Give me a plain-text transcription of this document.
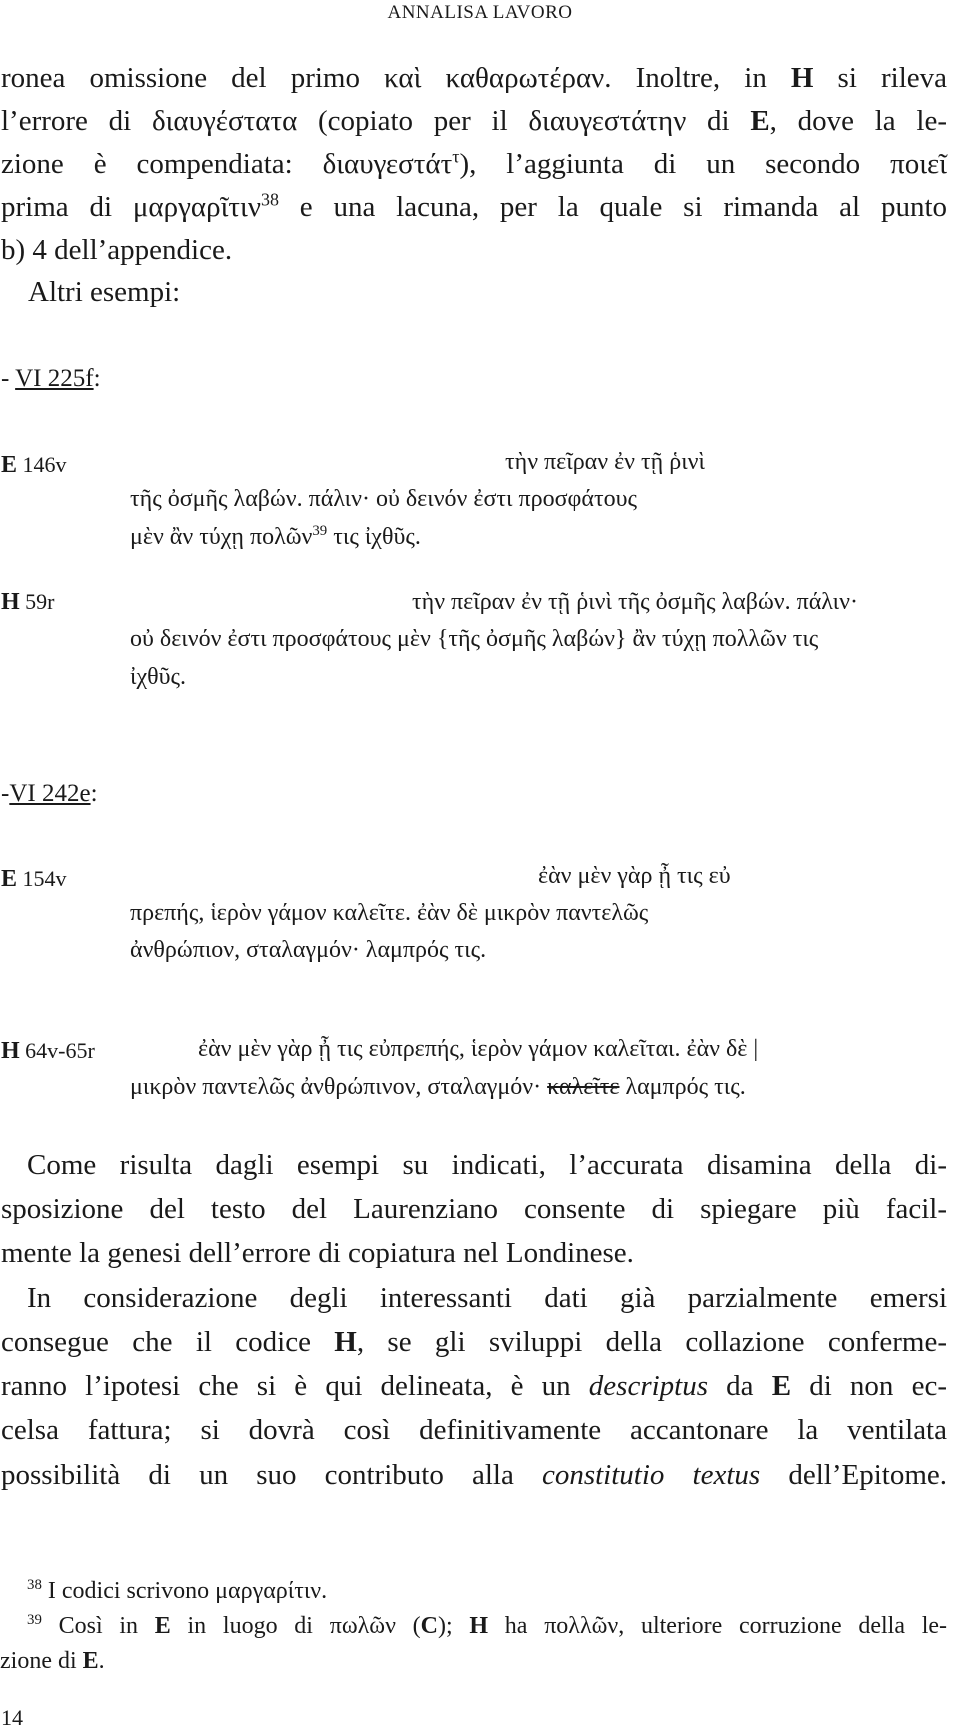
ANNALISA LAVORO
ronea omissione del primo καὶ καθαρωτέραν. Inoltre, in H si rileva
l’errore di διαυγέστατα (copiato per il διαυγεστάτην di E, dove la le-
zione è compendiata: διαυγεστάτ$^\tau$), l’aggiunta di un secondo ποιεῖ
prima di μαργαρῖτιν$^{38}$ e una lacuna, per la quale si rimanda al punto
b) 4 dell’appendice.
Altri esempi:
- VI 225f:
E 146v	τὴν πεῖραν ἐν τῇ ῥινὶ
τῆς ὀσμῆς λαβών. πάλιν· οὐ δεινόν ἐστι προσφάτους
μὲν ἂν τύχῃ πολῶν$^{39}$ τις ἰχθῦς.
H 59r	τὴν πεῖραν ἐν τῇ ῥινὶ τῆς ὀσμῆς λαβών. πάλιν·
οὐ δεινόν ἐστι προσφάτους μὲν {τῆς ὀσμῆς λαβών} ἂν τύχῃ πολλῶν τις
ἰχθῦς.
-VI 242e:
E 154v	ἐὰν μὲν γὰρ ᾖ τις εὐ
πρεπής, ἱερὸν γάμον καλεῖτε. ἐὰν δὲ μικρὸν παντελῶς
ἀνθρώπιον, σταλαγμόν· λαμπρός τις.
H 64v-65r	ἐὰν μὲν γὰρ ᾖ τις εὐπρεπής, ἱερὸν γάμον καλεῖται. ἐὰν δὲ |
μικρὸν παντελῶς ἀνθρώπινον, σταλαγμόν· καλεῖτε λαμπρός τις.
Come risulta dagli esempi su indicati, l’accurata disamina della di-
sposizione del testo del Laurenziano consente di spiegare più facil-
mente la genesi dell’errore di copiatura nel Londinese.
In considerazione degli interessanti dati già parzialmente emersi
consegue che il codice H, se gli sviluppi della collazione confermе-
ranno l’ipotesi che si è qui delineata, è un descriptus da E di non ec-
celsa fattura; si dovrà così definitivamente accantonare la ventilata
possibilità di un suo contributo alla constitutio textus dell’Epitome.
$^{38}$ I codici scrivono μαργαρίτιν.
$^{39}$ Così in E in luogo di πωλῶν (C); H ha πολλῶν, ulteriore corruzione della le-
zione di E.
14
